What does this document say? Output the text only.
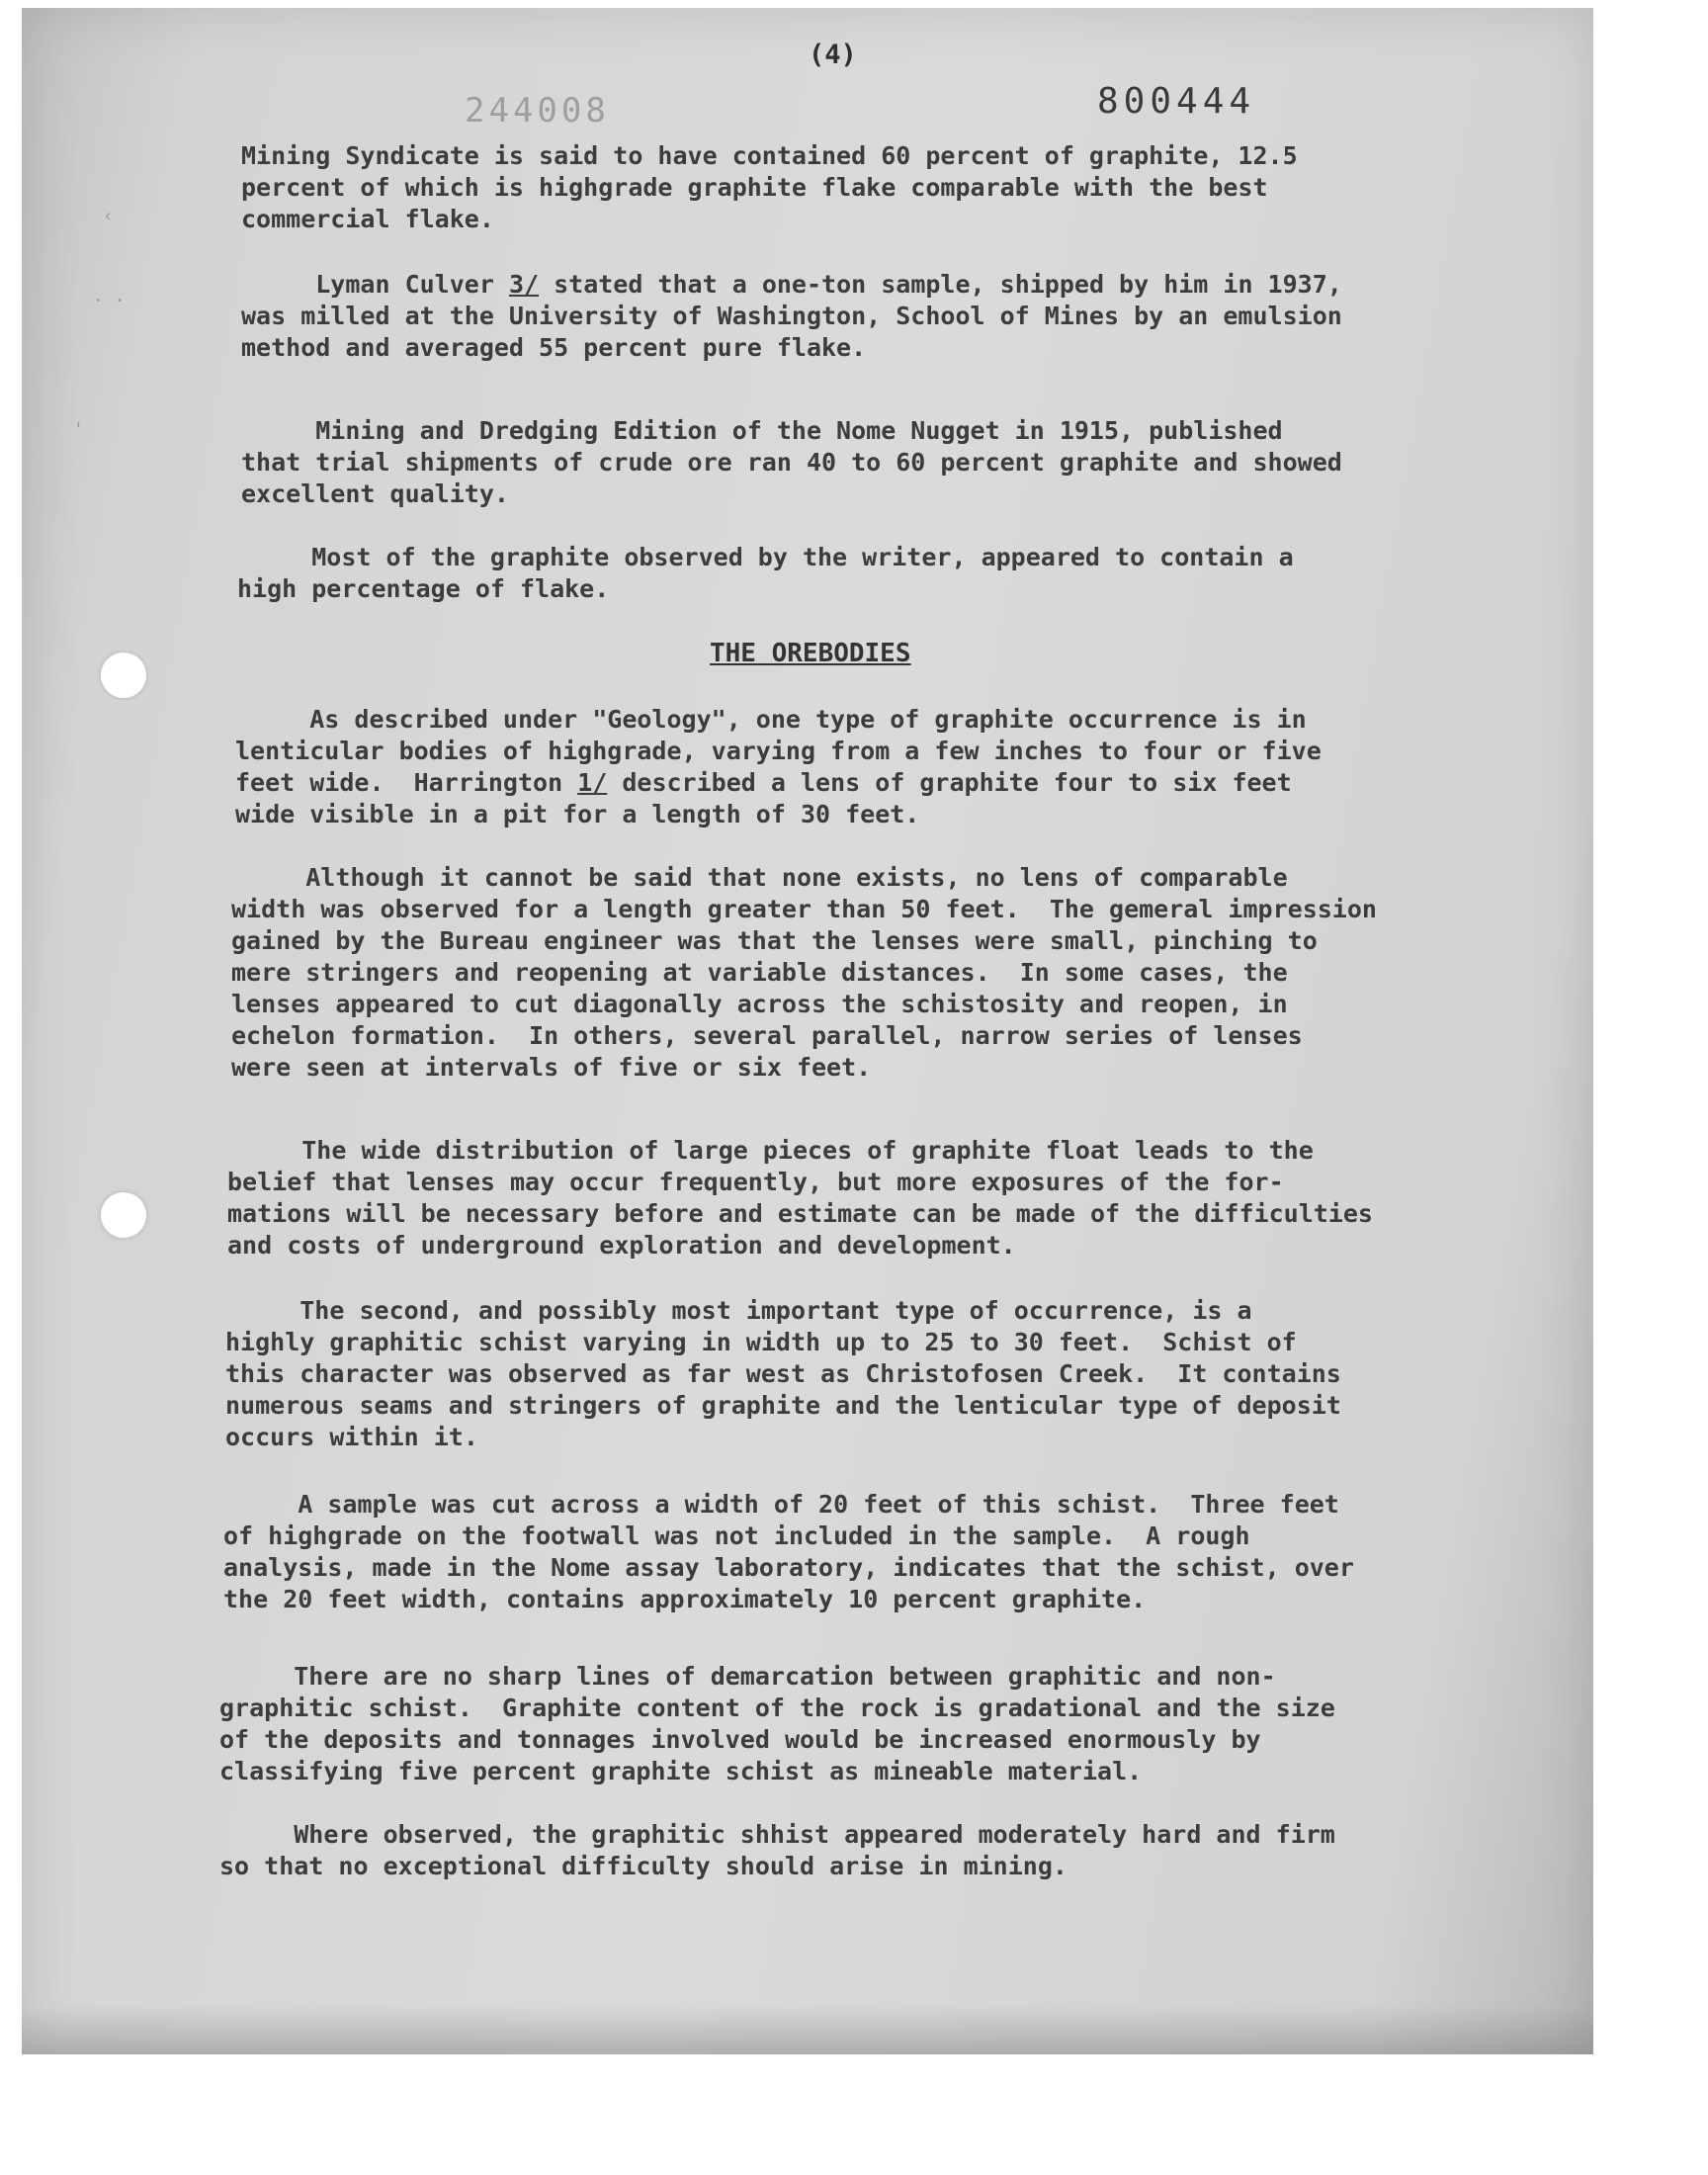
‹
· ·
'
(4)
244008	800444

Mining Syndicate is said to have contained 60 percent of graphite, 12.5
percent of which is highgrade graphite flake comparable with the best
commercial flake.

Lyman Culver 3/ stated that a one-ton sample, shipped by him in 1937,
was milled at the University of Washington, School of Mines by an emulsion
method and averaged 55 percent pure flake.

Mining and Dredging Edition of the Nome Nugget in 1915, published
that trial shipments of crude ore ran 40 to 60 percent graphite and showed
excellent quality.

Most of the graphite observed by the writer, appeared to contain a
high percentage of flake.

THE OREBODIES

As described under "Geology", one type of graphite occurrence is in
lenticular bodies of highgrade, varying from a few inches to four or five
feet wide.  Harrington 1/ described a lens of graphite four to six feet
wide visible in a pit for a length of 30 feet.

Although it cannot be said that none exists, no lens of comparable
width was observed for a length greater than 50 feet.  The gemeral impression
gained by the Bureau engineer was that the lenses were small, pinching to
mere stringers and reopening at variable distances.  In some cases, the
lenses appeared to cut diagonally across the schistosity and reopen, in
echelon formation.  In others, several parallel, narrow series of lenses
were seen at intervals of five or six feet.

The wide distribution of large pieces of graphite float leads to the
belief that lenses may occur frequently, but more exposures of the for-
mations will be necessary before and estimate can be made of the difficulties
and costs of underground exploration and development.

The second, and possibly most important type of occurrence, is a
highly graphitic schist varying in width up to 25 to 30 feet.  Schist of
this character was observed as far west as Christofosen Creek.  It contains
numerous seams and stringers of graphite and the lenticular type of deposit
occurs within it.

A sample was cut across a width of 20 feet of this schist.  Three feet
of highgrade on the footwall was not included in the sample.  A rough
analysis, made in the Nome assay laboratory, indicates that the schist, over
the 20 feet width, contains approximately 10 percent graphite.

There are no sharp lines of demarcation between graphitic and non-
graphitic schist.  Graphite content of the rock is gradational and the size
of the deposits and tonnages involved would be increased enormously by
classifying five percent graphite schist as mineable material.

Where observed, the graphitic shhist appeared moderately hard and firm
so that no exceptional difficulty should arise in mining.
